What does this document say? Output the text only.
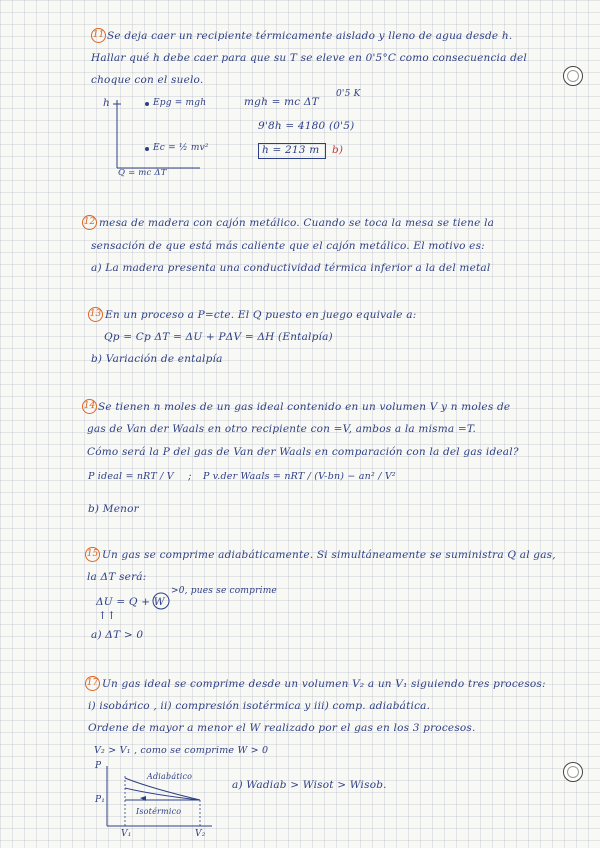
11 Se deja caer un recipiente térmicamente aislado y lleno de agua desde h.
Hallar qué h debe caer para que su T se eleve en 0'5°C como consecuencia del
choque con el suelo.
h	Epg = mgh
Ec = ½ mv²
Q = mc ΔT
mgh = mc ΔT
0'5 K
9'8h = 4180 (0'5)
h = 213 m b)
12 mesa de madera con cajón metálico. Cuando se toca la mesa se tiene la
sensación de que está más caliente que el cajón metálico. El motivo es:
a) La madera presenta una conductividad térmica inferior a la del metal
13 En un proceso a P=cte. El Q puesto en juego equivale a:
Qp = Cp ΔT = ΔU + PΔV = ΔH (Entalpía)
b) Variación de entalpía
14 Se tienen n moles de un gas ideal contenido en un volumen V y n moles de
gas de Van der Waals en otro recipiente con =V, ambos a la misma =T.
Cómo será la P del gas de Van der Waals en comparación con la del gas ideal?
P ideal = nRT / V ; P v.der Waals = nRT / (V-bn) − an² / V²
b) Menor
15 Un gas se comprime adiabáticamente. Si simultáneamente se suministra Q al gas,
la ΔT será:
ΔU = Q + W
>0, pues se comprime
↑↑
a) ΔT > 0
17 Un gas ideal se comprime desde un volumen V₂ a un V₁ siguiendo tres procesos:
i) isobárico , ii) compresión isotérmica y iii) comp. adiabática.
Ordene de mayor a menor el W realizado por el gas en los 3 procesos.
V₂ > V₁ , como se comprime W > 0
P
P₁
Adiabático
Isotérmico
V₁	V₂
a) Wadiab > Wisot > Wisob.
